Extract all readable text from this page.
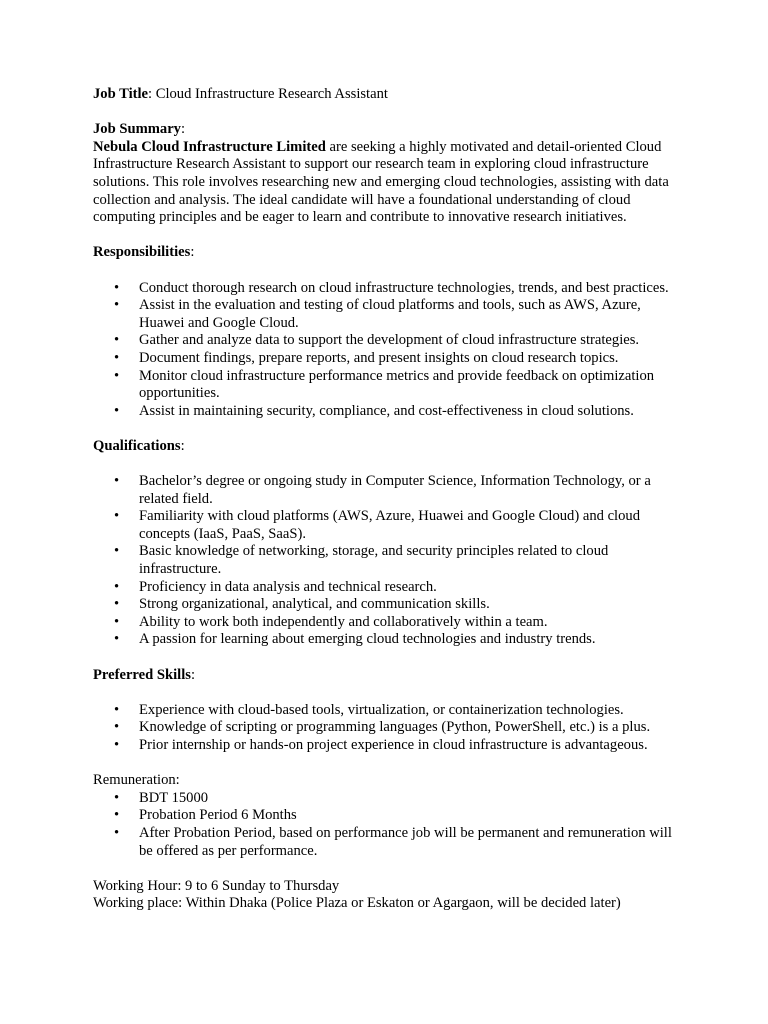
Job Title: Cloud Infrastructure Research Assistant

Job Summary:

Nebula Cloud Infrastructure Limited are seeking a highly motivated and detail-oriented Cloud Infrastructure Research Assistant to support our research team in exploring cloud infrastructure solutions. This role involves researching new and emerging cloud technologies, assisting with data collection and analysis. The ideal candidate will have a foundational understanding of cloud computing principles and be eager to learn and contribute to innovative research initiatives.

Responsibilities:

• Conduct thorough research on cloud infrastructure technologies, trends, and best practices.
• Assist in the evaluation and testing of cloud platforms and tools, such as AWS, Azure, Huawei and Google Cloud.
• Gather and analyze data to support the development of cloud infrastructure strategies.
• Document findings, prepare reports, and present insights on cloud research topics.
• Monitor cloud infrastructure performance metrics and provide feedback on optimization opportunities.
• Assist in maintaining security, compliance, and cost-effectiveness in cloud solutions.

Qualifications:

• Bachelor’s degree or ongoing study in Computer Science, Information Technology, or a related field.
• Familiarity with cloud platforms (AWS, Azure, Huawei and Google Cloud) and cloud concepts (IaaS, PaaS, SaaS).
• Basic knowledge of networking, storage, and security principles related to cloud infrastructure.
• Proficiency in data analysis and technical research.
• Strong organizational, analytical, and communication skills.
• Ability to work both independently and collaboratively within a team.
• A passion for learning about emerging cloud technologies and industry trends.

Preferred Skills:

• Experience with cloud-based tools, virtualization, or containerization technologies.
• Knowledge of scripting or programming languages (Python, PowerShell, etc.) is a plus.
• Prior internship or hands-on project experience in cloud infrastructure is advantageous.

Remuneration:

• BDT 15000
• Probation Period 6 Months
• After Probation Period, based on performance job will be permanent and remuneration will be offered as per performance.

Working Hour: 9 to 6 Sunday to Thursday

Working place: Within Dhaka (Police Plaza or Eskaton or Agargaon, will be decided later)
